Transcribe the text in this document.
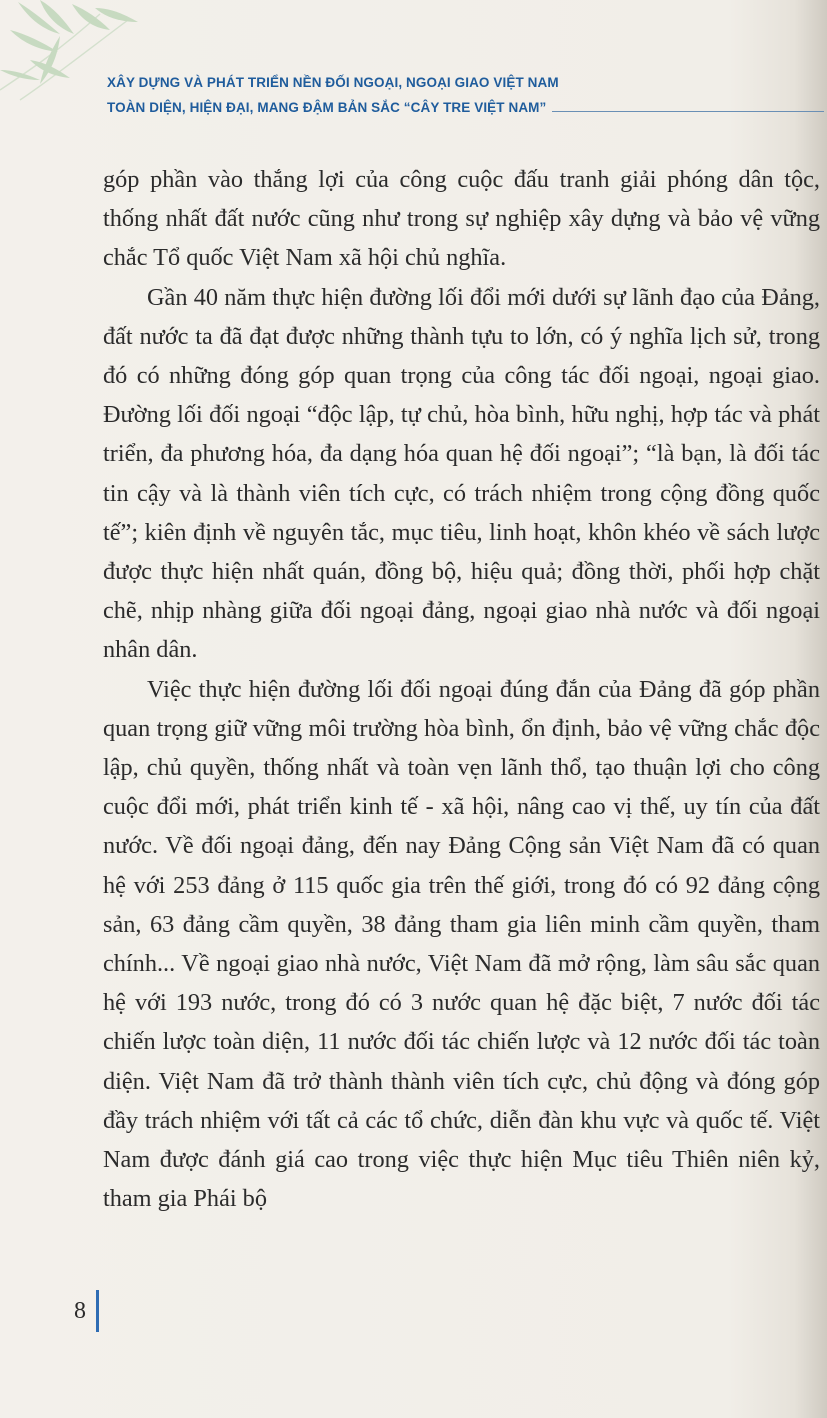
XÂY DỰNG VÀ PHÁT TRIỂN NỀN ĐỐI NGOẠI, NGOẠI GIAO VIỆT NAM
TOÀN DIỆN, HIỆN ĐẠI, MANG ĐẬM BẢN SẮC “CÂY TRE VIỆT NAM”

góp phần vào thắng lợi của công cuộc đấu tranh giải phóng dân tộc, thống nhất đất nước cũng như trong sự nghiệp xây dựng và bảo vệ vững chắc Tổ quốc Việt Nam xã hội chủ nghĩa.

Gần 40 năm thực hiện đường lối đổi mới dưới sự lãnh đạo của Đảng, đất nước ta đã đạt được những thành tựu to lớn, có ý nghĩa lịch sử, trong đó có những đóng góp quan trọng của công tác đối ngoại, ngoại giao. Đường lối đối ngoại “độc lập, tự chủ, hòa bình, hữu nghị, hợp tác và phát triển, đa phương hóa, đa dạng hóa quan hệ đối ngoại”; “là bạn, là đối tác tin cậy và là thành viên tích cực, có trách nhiệm trong cộng đồng quốc tế”; kiên định về nguyên tắc, mục tiêu, linh hoạt, khôn khéo về sách lược được thực hiện nhất quán, đồng bộ, hiệu quả; đồng thời, phối hợp chặt chẽ, nhịp nhàng giữa đối ngoại đảng, ngoại giao nhà nước và đối ngoại nhân dân.

Việc thực hiện đường lối đối ngoại đúng đắn của Đảng đã góp phần quan trọng giữ vững môi trường hòa bình, ổn định, bảo vệ vững chắc độc lập, chủ quyền, thống nhất và toàn vẹn lãnh thổ, tạo thuận lợi cho công cuộc đổi mới, phát triển kinh tế - xã hội, nâng cao vị thế, uy tín của đất nước. Về đối ngoại đảng, đến nay Đảng Cộng sản Việt Nam đã có quan hệ với 253 đảng ở 115 quốc gia trên thế giới, trong đó có 92 đảng cộng sản, 63 đảng cầm quyền, 38 đảng tham gia liên minh cầm quyền, tham chính... Về ngoại giao nhà nước, Việt Nam đã mở rộng, làm sâu sắc quan hệ với 193 nước, trong đó có 3 nước quan hệ đặc biệt, 7 nước đối tác chiến lược toàn diện, 11 nước đối tác chiến lược và 12 nước đối tác toàn diện. Việt Nam đã trở thành thành viên tích cực, chủ động và đóng góp đầy trách nhiệm với tất cả các tổ chức, diễn đàn khu vực và quốc tế. Việt Nam được đánh giá cao trong việc thực hiện Mục tiêu Thiên niên kỷ, tham gia Phái bộ

8
